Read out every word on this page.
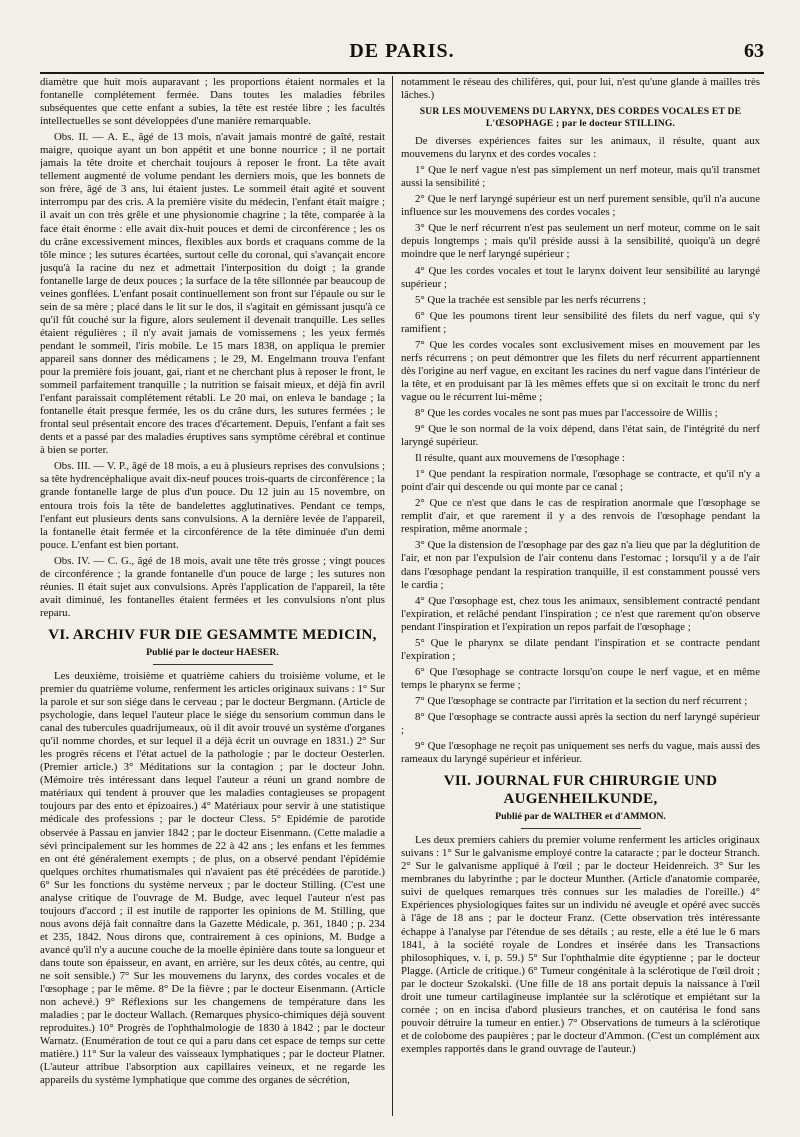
DE PARIS.	63

diamètre que huit mois auparavant ; les proportions étaient normales et la fontanelle complétement fermée. Dans toutes les maladies fébriles subséquentes que cette enfant a subies, la tête est restée libre ; les facultés intellectuelles se sont développées d'une manière remarquable.

Obs. II. — A. E., âgé de 13 mois, n'avait jamais montré de gaîté, restait maigre, quoique ayant un bon appétit et une bonne nourrice ; il ne portait jamais la tête droite et cherchait toujours à reposer le front. La tête avait tellement augmenté de volume pendant les derniers mois, que les bonnets de son frère, âgé de 3 ans, lui étaient justes. Le sommeil était agité et souvent interrompu par des cris. A la première visite du médecin, l'enfant était maigre ; il avait un con très grêle et une physionomie chagrine ; la tête, comparée à la face était énorme : elle avait dix-huit pouces et demi de circonférence ; les os du crâne excessivement minces, flexibles aux bords et craquans comme de la tôle mince ; les sutures écartées, surtout celle du coronal, qui s'avançait encore jusqu'à la racine du nez et admettait l'interposition du doigt ; la grande fontanelle large de deux pouces ; la surface de la tête sillonnée par beaucoup de veines gonflées. L'enfant posait continuellement son front sur l'épaule ou sur le sein de sa mère ; placé dans le lit sur le dos, il s'agitait en gémissant jusqu'à ce qu'il fût couché sur la figure, alors seulement il devenait tranquille. Les selles étaient régulières ; il n'y avait jamais de vomissemens ; les yeux fermés pendant le sommeil, l'iris mobile. Le 15 mars 1838, on appliqua le premier appareil sans donner des médicamens ; le 29, M. Engelmann trouva l'enfant pour la première fois jouant, gai, riant et ne cherchant plus à reposer le front, le sommeil parfaitement tranquille ; la nutrition se faisait mieux, et déjà fin avril l'enfant paraissait complétement rétabli. Le 20 mai, on enleva le bandage ; la fontanelle était presque fermée, les os du crâne durs, les sutures fermées ; le frontal seul présentait encore des traces d'écartement. Depuis, l'enfant a fait ses dents et a passé par des maladies éruptives sans symptôme cérébral et continue à bien se porter.

Obs. III. — V. P., âgé de 18 mois, a eu à plusieurs reprises des convulsions ; sa tête hydrencéphalique avait dix-neuf pouces trois-quarts de circonférence ; la grande fontanelle large de plus d'un pouce. Du 12 juin au 15 novembre, on entoura trois fois la tête de bandelettes agglutinatives. Pendant ce temps, l'enfant eut plusieurs dents sans convulsions. A la dernière levée de l'appareil, la fontanelle était fermée et la circonférence de la tête diminuée d'un demi pouce. L'enfant est bien portant.

Obs. IV. — C. G., âgé de 18 mois, avait une tête très grosse ; vingt pouces de circonférence ; la grande fontanelle d'un pouce de large ; les sutures non réunies. Il était sujet aux convulsions. Après l'application de l'appareil, la tête avait diminué, les fontanelles étaient fermées et les convulsions n'ont plus reparu.

VI. ARCHIV FUR DIE GESAMMTE MEDICIN,
Publié par le docteur HAESER.

Les deuxième, troisième et quatrième cahiers du troisième volume, et le premier du quatrième volume, renferment les articles originaux suivans : 1° Sur la parole et sur son siége dans le cerveau ; par le docteur Bergmann. (Article de psychologie, dans lequel l'auteur place le siége du sensorium commun dans le canal des tubercules quadrijumeaux, où il dit avoir trouvé un système d'organes qu'il nomme chordes, et sur lequel il a déjà écrit un ouvrage en 1831.) 2° Sur les progrès récens et l'état actuel de la pathologie ; par le docteur Oesterlen. (Premier article.) 3° Méditations sur la contagion ; par le docteur John. (Mémoire très intéressant dans lequel l'auteur a réuni un grand nombre de matériaux qui tendent à prouver que les maladies contagieuses se propagent toujours par des ento et épizoaires.) 4° Matériaux pour servir à une statistique médicale des professions ; par le docteur Cless. 5° Epidémie de parotide observée à Passau en janvier 1842 ; par le docteur Eisenmann. (Cette maladie a sévi principalement sur les hommes de 22 à 42 ans ; les enfans et les femmes en ont été généralement exempts ; de plus, on a observé pendant l'épidémie quelques orchites rhumatismales qui n'avaient pas été précédées de parotide.) 6° Sur les fonctions du système nerveux ; par le docteur Stilling. (C'est une analyse critique de l'ouvrage de M. Budge, avec lequel l'auteur n'est pas toujours d'accord ; il est inutile de rapporter les opinions de M. Stilling, que nous avons déjà fait connaître dans la Gazette Médicale, p. 361, 1840 ; p. 234 et 235, 1842. Nous dirons que, contrairement à ces opinions, M. Budge a avancé qu'il n'y a aucune couche de la moelle épinière dans toute sa longueur et dans toute son épaisseur, en avant, en arrière, sur les deux côtés, au centre, qui ne soit sensible.) 7° Sur les mouvemens du larynx, des cordes vocales et de l'œsophage ; par le même. 8° De la fièvre ; par le docteur Eisenmann. (Article non achevé.) 9° Réflexions sur les changemens de température dans les maladies ; par le docteur Wallach. (Remarques physico-chimiques déjà souvent reproduites.) 10° Progrès de l'ophthalmologie de 1830 à 1842 ; par le docteur Warnatz. (Enumération de tout ce qui a paru dans cet espace de temps sur cette matière.) 11° Sur la valeur des vaisseaux lymphatiques ; par le docteur Platner. (L'auteur attribue l'absorption aux capillaires veineux, et ne regarde les appareils du système lymphatique que comme des organes de sécrétion,

notamment le réseau des chilifères, qui, pour lui, n'est qu'une glande à mailles très lâches.)

SUR LES MOUVEMENS DU LARYNX, DES CORDES VOCALES ET DE L'ŒSOPHAGE ; par le docteur STILLING.

De diverses expériences faites sur les animaux, il résulte, quant aux mouvemens du larynx et des cordes vocales :

1° Que le nerf vague n'est pas simplement un nerf moteur, mais qu'il transmet aussi la sensibilité ;

2° Que le nerf laryngé supérieur est un nerf purement sensible, qu'il n'a aucune influence sur les mouvemens des cordes vocales ;

3° Que le nerf récurrent n'est pas seulement un nerf moteur, comme on le sait depuis longtemps ; mais qu'il préside aussi à la sensibilité, quoiqu'à un degré moindre que le nerf laryngé supérieur ;

4° Que les cordes vocales et tout le larynx doivent leur sensibilité au laryngé supérieur ;

5° Que la trachée est sensible par les nerfs récurrens ;

6° Que les poumons tirent leur sensibilité des filets du nerf vague, qui s'y ramifient ;

7° Que les cordes vocales sont exclusivement mises en mouvement par les nerfs récurrens ; on peut démontrer que les filets du nerf récurrent appartiennent dès l'origine au nerf vague, en excitant les racines du nerf vague dans l'intérieur de la tête, et en produisant par là les mêmes effets que si on excitait le tronc du nerf vague ou le récurrent lui-même ;

8° Que les cordes vocales ne sont pas mues par l'accessoire de Willis ;

9° Que le son normal de la voix dépend, dans l'état sain, de l'intégrité du nerf laryngé supérieur.

Il résulte, quant aux mouvemens de l'œsophage :

1° Que pendant la respiration normale, l'œsophage se contracte, et qu'il n'y a point d'air qui descende ou qui monte par ce canal ;

2° Que ce n'est que dans le cas de respiration anormale que l'œsophage se remplit d'air, et que rarement il y a des renvois de l'œsophage pendant la respiration, même anormale ;

3° Que la distension de l'œsophage par des gaz n'a lieu que par la déglutition de l'air, et non par l'expulsion de l'air contenu dans l'estomac ; lorsqu'il y a de l'air dans l'œsophage pendant la respiration tranquille, il est constamment poussé vers le cardia ;

4° Que l'œsophage est, chez tous les animaux, sensiblement contracté pendant l'expiration, et relâché pendant l'inspiration ; ce n'est que rarement qu'on observe pendant l'inspiration et l'expiration un repos parfait de l'œsophage ;

5° Que le pharynx se dilate pendant l'inspiration et se contracte pendant l'expiration ;

6° Que l'œsophage se contracte lorsqu'on coupe le nerf vague, et en même temps le pharynx se ferme ;

7° Que l'œsophage se contracte par l'irritation et la section du nerf récurrent ;

8° Que l'œsophage se contracte aussi après la section du nerf laryngé supérieur ;

9° Que l'œsophage ne reçoit pas uniquement ses nerfs du vague, mais aussi des rameaux du laryngé supérieur et inférieur.

VII. JOURNAL FUR CHIRURGIE UND AUGENHEILKUNDE,
Publié par de WALTHER et d'AMMON.

Les deux premiers cahiers du premier volume renferment les articles originaux suivans : 1° Sur le galvanisme employé contre la cataracte ; par le docteur Stranch. 2° Sur le galvanisme appliqué à l'œil ; par le docteur Heidenreich. 3° Sur les membranes du labyrinthe ; par le docteur Munther. (Article d'anatomie comparée, suivi de quelques remarques très connues sur les maladies de l'oreille.) 4° Expériences physiologiques faites sur un individu né aveugle et opéré avec succès à l'âge de 18 ans ; par le docteur Franz. (Cette observation très intéressante échappe à l'analyse par l'étendue de ses détails ; au reste, elle a été lue le 6 mars 1841, à la société royale de Londres et insérée dans les Transactions philosophiques, v. i, p. 59.) 5° Sur l'ophthalmie dite égyptienne ; par le docteur Plagge. (Article de critique.) 6° Tumeur congénitale à la sclérotique de l'œil droit ; par le docteur Szokalski. (Une fille de 18 ans portait depuis la naissance à l'œil droit une tumeur cartilagineuse implantée sur la sclérotique et empiétant sur la cornée ; on en incisa d'abord plusieurs tranches, et on cautérisa le fond sans pouvoir détruire la tumeur en entier.) 7° Observations de tumeurs à la sclérotique et de colobome des paupières ; par le docteur d'Ammon. (C'est un complément aux exemples rapportés dans le grand ouvrage de l'auteur.)
